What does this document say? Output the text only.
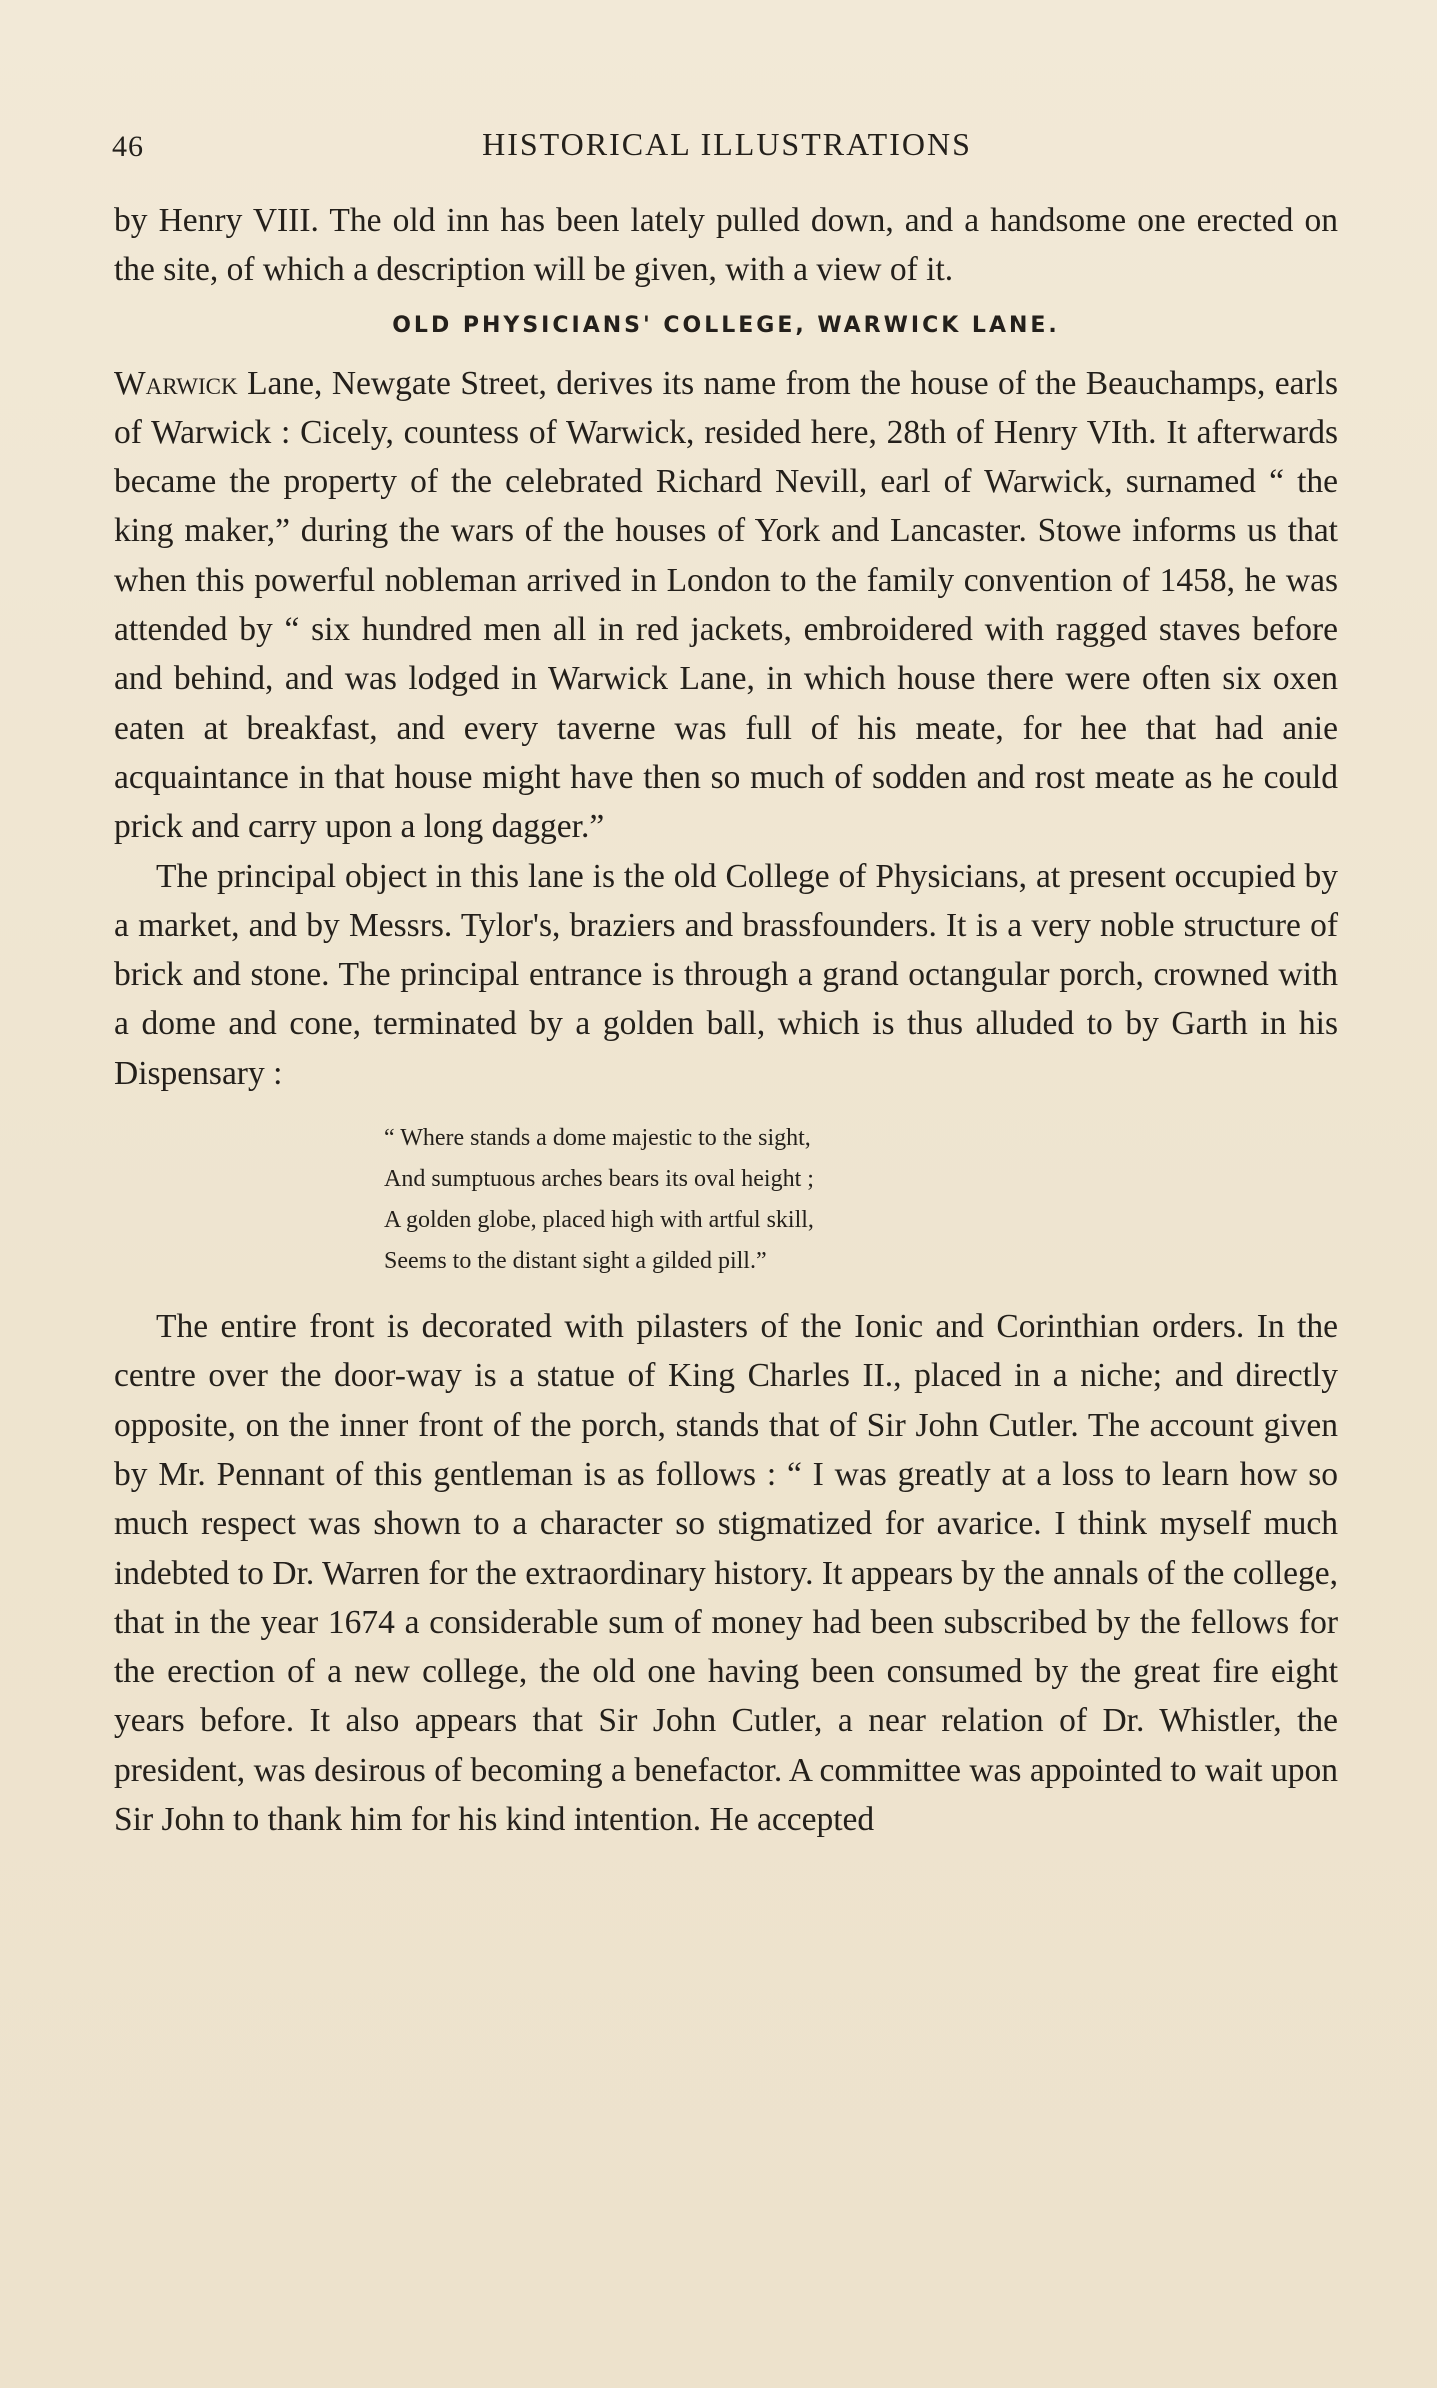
46	HISTORICAL ILLUSTRATIONS

by Henry VIII. The old inn has been lately pulled down, and a handsome one erected on the site, of which a description will be given, with a view of it.

OLD PHYSICIANS' COLLEGE, WARWICK LANE.

Warwick Lane, Newgate Street, derives its name from the house of the Beauchamps, earls of Warwick : Cicely, countess of Warwick, resided here, 28th of Henry VIth. It afterwards became the property of the celebrated Richard Nevill, earl of Warwick, surnamed “ the king maker,” during the wars of the houses of York and Lancaster. Stowe informs us that when this powerful nobleman arrived in London to the family convention of 1458, he was attended by “ six hundred men all in red jackets, embroidered with ragged staves before and behind, and was lodged in Warwick Lane, in which house there were often six oxen eaten at breakfast, and every taverne was full of his meate, for hee that had anie acquaintance in that house might have then so much of sodden and rost meate as he could prick and carry upon a long dagger.”

The principal object in this lane is the old College of Physicians, at present occupied by a market, and by Messrs. Tylor's, braziers and brassfounders. It is a very noble structure of brick and stone. The principal entrance is through a grand octangular porch, crowned with a dome and cone, terminated by a golden ball, which is thus alluded to by Garth in his Dispensary :

“ Where stands a dome majestic to the sight,
And sumptuous arches bears its oval height ;
A golden globe, placed high with artful skill,
Seems to the distant sight a gilded pill.”

The entire front is decorated with pilasters of the Ionic and Corinthian orders. In the centre over the door-way is a statue of King Charles II., placed in a niche; and directly opposite, on the inner front of the porch, stands that of Sir John Cutler. The account given by Mr. Pennant of this gentleman is as follows : “ I was greatly at a loss to learn how so much respect was shown to a character so stigmatized for avarice. I think myself much indebted to Dr. Warren for the extraordinary history. It appears by the annals of the college, that in the year 1674 a considerable sum of money had been subscribed by the fellows for the erection of a new college, the old one having been consumed by the great fire eight years before. It also appears that Sir John Cutler, a near relation of Dr. Whistler, the president, was desirous of becoming a benefactor. A committee was appointed to wait upon Sir John to thank him for his kind intention. He accepted
